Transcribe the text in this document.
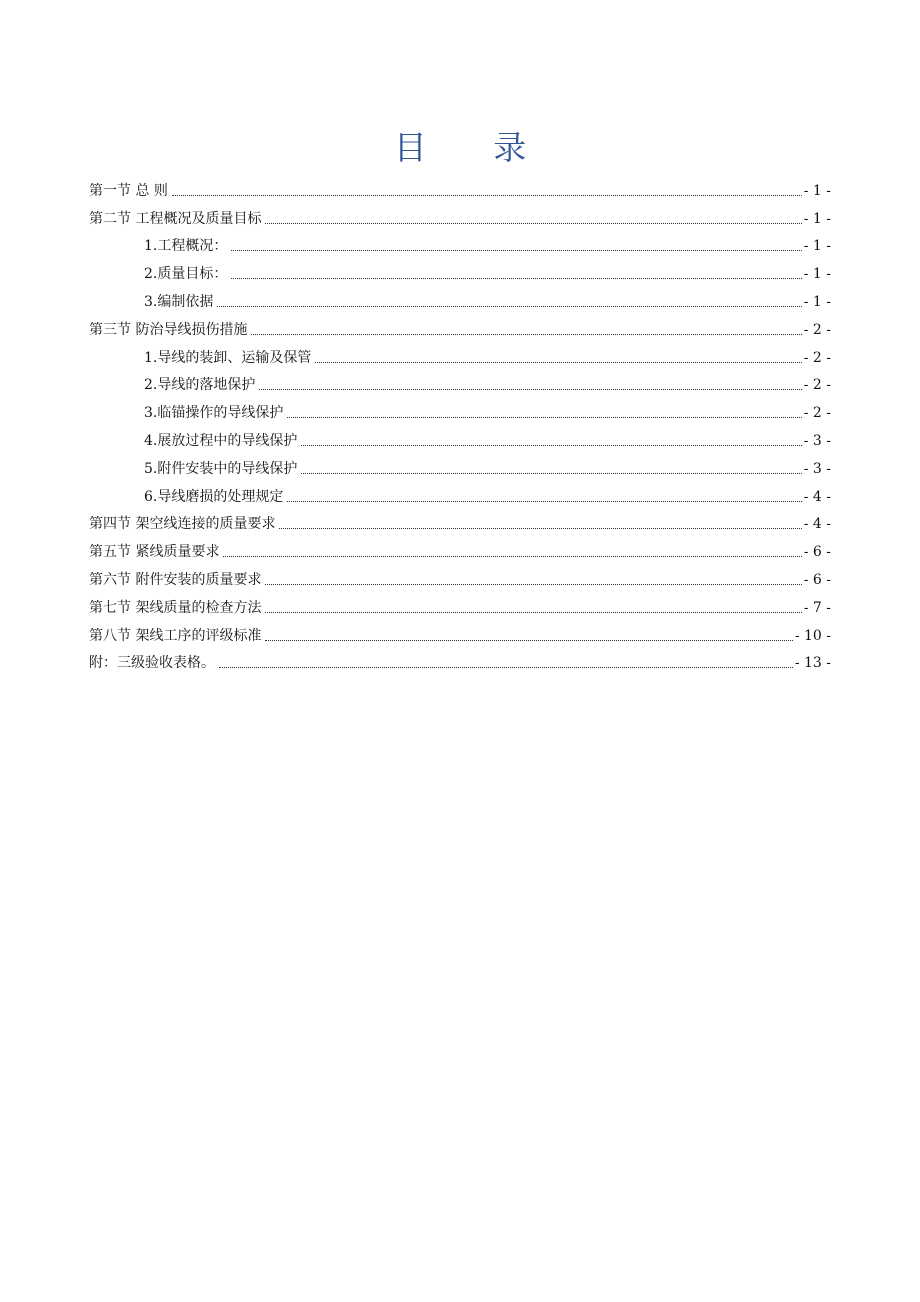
目 录
第一节 总 则	- 1 -
第二节 工程概况及质量目标	- 1 -
1.工程概况：	- 1 -
2.质量目标：	- 1 -
3.编制依据	- 1 -
第三节 防治导线损伤措施	- 2 -
1.导线的装卸、运输及保管	- 2 -
2.导线的落地保护	- 2 -
3.临锚操作的导线保护	- 2 -
4.展放过程中的导线保护	- 3 -
5.附件安装中的导线保护	- 3 -
6.导线磨损的处理规定	- 4 -
第四节 架空线连接的质量要求	- 4 -
第五节 紧线质量要求	- 6 -
第六节 附件安装的质量要求	- 6 -
第七节 架线质量的检查方法	- 7 -
第八节 架线工序的评级标准	- 10 -
附：三级验收表格。	- 13 -
